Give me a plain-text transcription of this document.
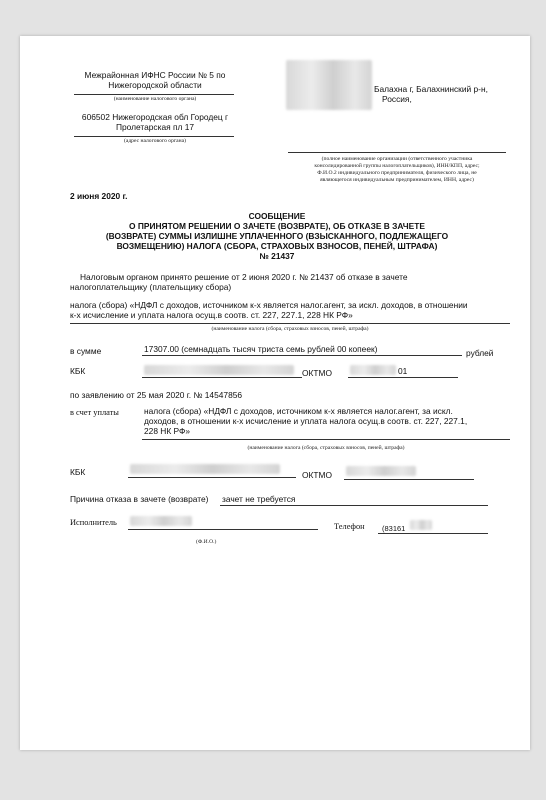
Межрайонная ИФНС России № 5 по
Нижегородской области
(наименование налогового органа)
606502 Нижегородская обл Городец г
Пролетарская пл 17
(адрес налогового органа)
Балахна г, Балахнинский р-н,
Россия,
(полное наименование организации (ответственного участника
консолидированной группы налогоплательщиков), ИНН/КПП, адрес;
Ф.И.О.2 индивидуального предпринимателя, физического лица, не
являющегося индивидуальным предпринимателем, ИНН, адрес)
2 июня 2020 г.
СООБЩЕНИЕ
О ПРИНЯТОМ РЕШЕНИИ О ЗАЧЕТЕ (ВОЗВРАТЕ), ОБ ОТКАЗЕ В ЗАЧЕТЕ
(ВОЗВРАТЕ) СУММЫ ИЗЛИШНЕ УПЛАЧЕННОГО (ВЗЫСКАННОГО, ПОДЛЕЖАЩЕГО
ВОЗМЕЩЕНИЮ) НАЛОГА (СБОРА, СТРАХОВЫХ ВЗНОСОВ, ПЕНЕЙ, ШТРАФА)
№ 21437
Налоговым органом принято решение от 2 июня 2020 г. № 21437 об отказе в зачете
налогоплательщику (плательщику сбора)
налога (сбора) «НДФЛ с доходов, источником к-х является налог.агент, за искл. доходов, в отношении
к-х исчисление и уплата налога осущ.в соотв. ст. 227, 227.1, 228 НК РФ»
(наименование налога (сбора, страховых взносов, пеней, штрафа)
в сумме	17307.00 (семнадцать тысяч триста семь рублей 00 копеек)	рублей
КБК	ОКТМО	01
по заявлению от 25 мая 2020 г. № 14547856
в счет уплаты	налога (сбора) «НДФЛ с доходов, источником к-х является налог.агент, за искл.
доходов, в отношении к-х исчисление и уплата налога осущ.в соотв. ст. 227, 227.1,
228 НК РФ»
(наименование налога (сбора, страховых взносов, пеней, штрафа)
КБК	ОКТМО
Причина отказа в зачете (возврате) зачет не требуется
Исполнитель
(Ф.И.О.)
Телефон (83161
